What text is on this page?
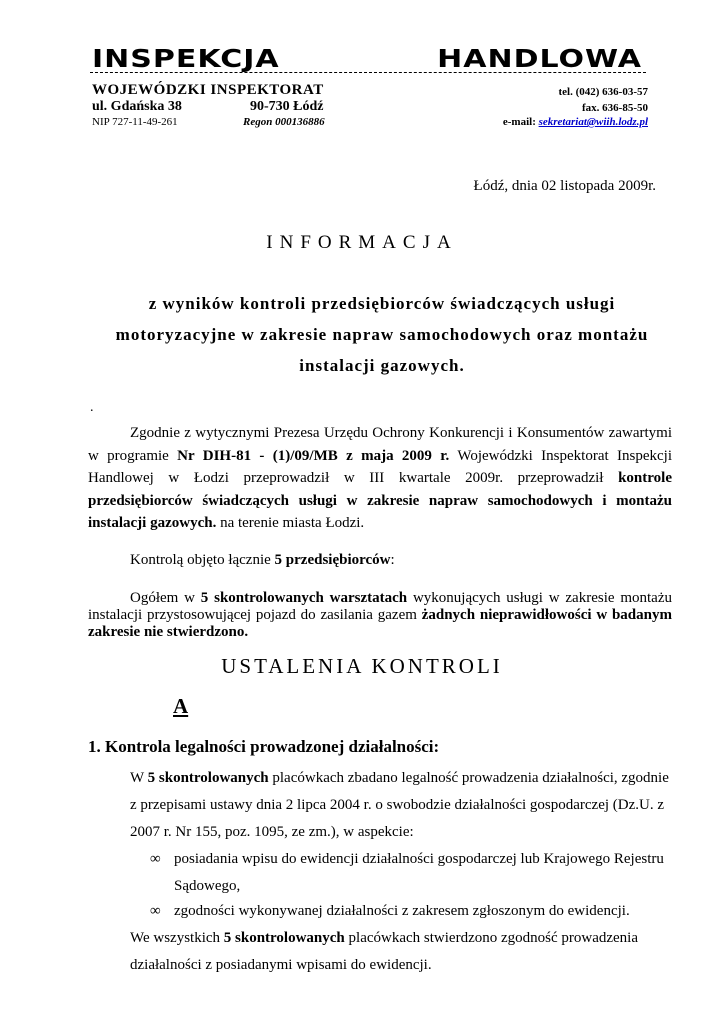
INSPEKCJA HANDLOWA
WOJEWÓDZKI INSPEKTORAT
ul. Gdańska 38	90-730 Łódź
NIP 727-11-49-261	Regon 000136886
tel. (042) 636-03-57
fax. 636-85-50
e-mail: sekretariat@wiih.lodz.pl
Łódź, dnia 02 listopada 2009r.
INFORMACJA
z wyników kontroli przedsiębiorców świadczących usługi motoryzacyjne w zakresie napraw samochodowych oraz montażu instalacji gazowych.
.
Zgodnie z wytycznymi Prezesa Urzędu Ochrony Konkurencji i Konsumentów zawartymi w programie Nr DIH-81 - (1)/09/MB z maja 2009 r. Wojewódzki Inspektorat Inspekcji Handlowej w Łodzi przeprowadził w III kwartale 2009r. przeprowadził kontrole przedsiębiorców świadczących usługi w zakresie napraw samochodowych i montażu instalacji gazowych. na terenie miasta Łodzi.
Kontrolą objęto łącznie 5 przedsiębiorców:
Ogółem w 5 skontrolowanych warsztatach wykonujących usługi w zakresie montażu instalacji przystosowującej pojazd do zasilania gazem żadnych nieprawidłowości w badanym zakresie nie stwierdzono.
USTALENIA KONTROLI
A
1. Kontrola legalności prowadzonej działalności:
W 5 skontrolowanych placówkach zbadano legalność prowadzenia działalności, zgodnie z przepisami ustawy dnia 2 lipca 2004 r. o swobodzie działalności gospodarczej (Dz.U. z 2007 r. Nr 155, poz. 1095, ze zm.), w aspekcie:
∞ posiadania wpisu do ewidencji działalności gospodarczej lub Krajowego Rejestru Sądowego,
∞ zgodności wykonywanej działalności z zakresem zgłoszonym do ewidencji.
We wszystkich 5 skontrolowanych placówkach stwierdzono zgodność prowadzenia działalności z posiadanymi wpisami do ewidencji.
